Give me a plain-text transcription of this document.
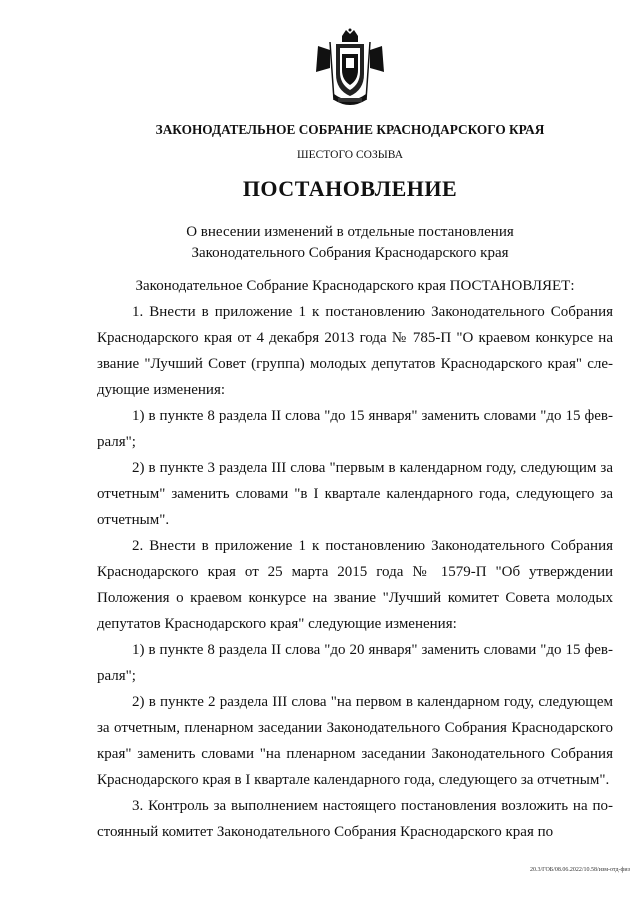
ЗАКОНОДАТЕЛЬНОЕ СОБРАНИЕ КРАСНОДАРСКОГО КРАЯ
ШЕСТОГО СОЗЫВА
ПОСТАНОВЛЕНИЕ
О внесении изменений в отдельные постановления
Законодательного Собрания Краснодарского края

Законодательное Собрание Краснодарского края ПОСТАНОВЛЯЕТ:

1. Внести в приложение 1 к постановлению Законодательного Собрания Краснодарского края от 4 декабря 2013 года № 785-П "О краевом конкурсе на звание "Лучший Совет (группа) молодых депутатов Краснодарского края" следующие изменения:

1) в пункте 8 раздела II слова "до 15 января" заменить словами "до 15 февраля";

2) в пункте 3 раздела III слова "первым в календарном году, следующим за отчетным" заменить словами "в I квартале календарного года, следующего за отчетным".

2. Внести в приложение 1 к постановлению Законодательного Собрания Краснодарского края от 25 марта 2015 года № 1579-П "Об утверждении Положения о краевом конкурсе на звание "Лучший комитет Совета молодых депутатов Краснодарского края" следующие изменения:

1) в пункте 8 раздела II слова "до 20 января" заменить словами "до 15 февраля";

2) в пункте 2 раздела III слова "на первом в календарном году, следующем за отчетным, пленарном заседании Законодательного Собрания Краснодарского края" заменить словами "на пленарном заседании Законодательного Собрания Краснодарского края в I квартале календарного года, следующего за отчетным".

3. Контроль за выполнением настоящего постановления возложить на постоянный комитет Законодательного Собрания Краснодарского края по

20.3/ГОБ/08.06.2022/10.58/изм-отд-физ
